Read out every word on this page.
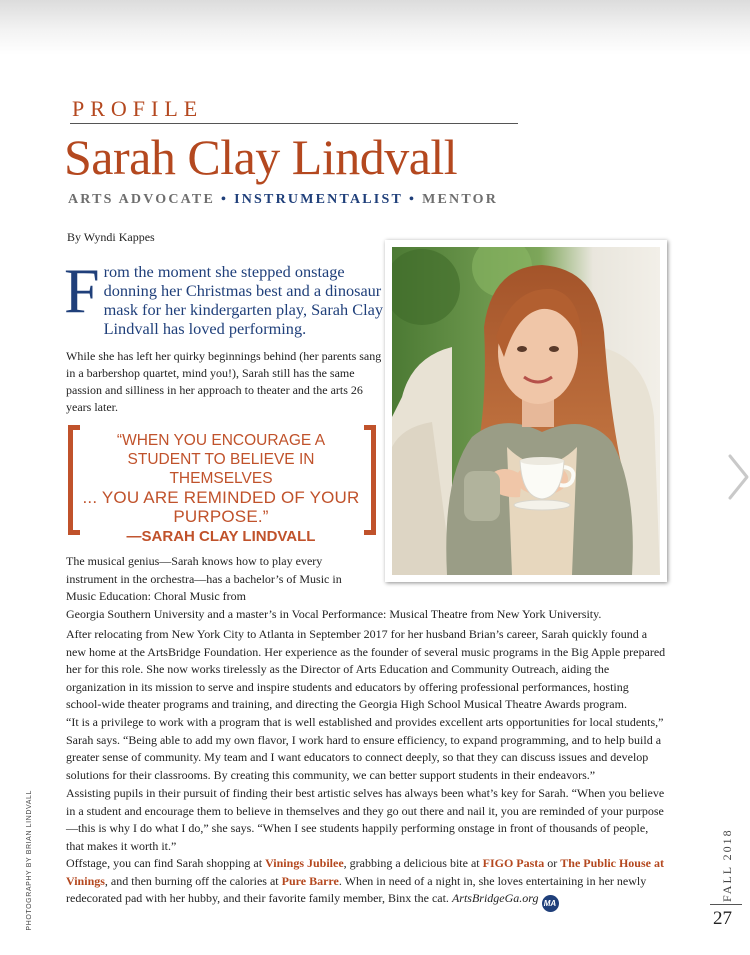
PROFILE
Sarah Clay Lindvall
ARTS ADVOCATE • INSTRUMENTALIST • MENTOR
By Wyndi Kappes
From the moment she stepped onstage donning her Christmas best and a dinosaur mask for her kindergarten play, Sarah Clay Lindvall has loved performing.
While she has left her quirky beginnings behind (her parents sang in a barbershop quartet, mind you!), Sarah still has the same passion and silliness in her approach to theater and the arts 26 years later.
“WHEN YOU ENCOURAGE A STUDENT TO BELIEVE IN THEMSELVES
... YOU ARE REMINDED OF YOUR PURPOSE.”
—SARAH CLAY LINDVALL
The musical genius—Sarah knows how to play every instrument in the orchestra—has a bachelor’s of Music in Music Education: Choral Music from
Georgia Southern University and a master’s in Vocal Performance: Musical Theatre from New York University.
After relocating from New York City to Atlanta in September 2017 for her husband Brian’s career, Sarah quickly found a new home at the ArtsBridge Foundation. Her experience as the founder of several music programs in the Big Apple prepared her for this role. She now works tirelessly as the Director of Arts Education and Community Outreach, aiding the organization in its mission to serve and inspire students and educators by offering professional performances, hosting school-wide theater programs and training, and directing the Georgia High School Musical Theatre Awards program.
“It is a privilege to work with a program that is well established and provides excellent arts opportunities for local students,” Sarah says. “Being able to add my own flavor, I work hard to ensure efficiency, to expand programming, and to help build a greater sense of community. My team and I want educators to connect deeply, so that they can discuss issues and develop solutions for their classrooms. By creating this community, we can better support students in their endeavors.”
Assisting pupils in their pursuit of finding their best artistic selves has always been what’s key for Sarah. “When you believe in a student and encourage them to believe in themselves and they go out there and nail it, you are reminded of your purpose—this is why I do what I do,” she says. “When I see students happily performing onstage in front of thousands of people, that makes it worth it.”
Offstage, you can find Sarah shopping at Vinings Jubilee, grabbing a delicious bite at FIGO Pasta or The Public House at Vinings, and then burning off the calories at Pure Barre. When in need of a night in, she loves entertaining in her newly redecorated pad with her hubby, and their favorite family member, Binx the cat. ArtsBridgeGa.org MA
PHOTOGRAPHY BY BRIAN LINDVALL	FALL 2018
27
